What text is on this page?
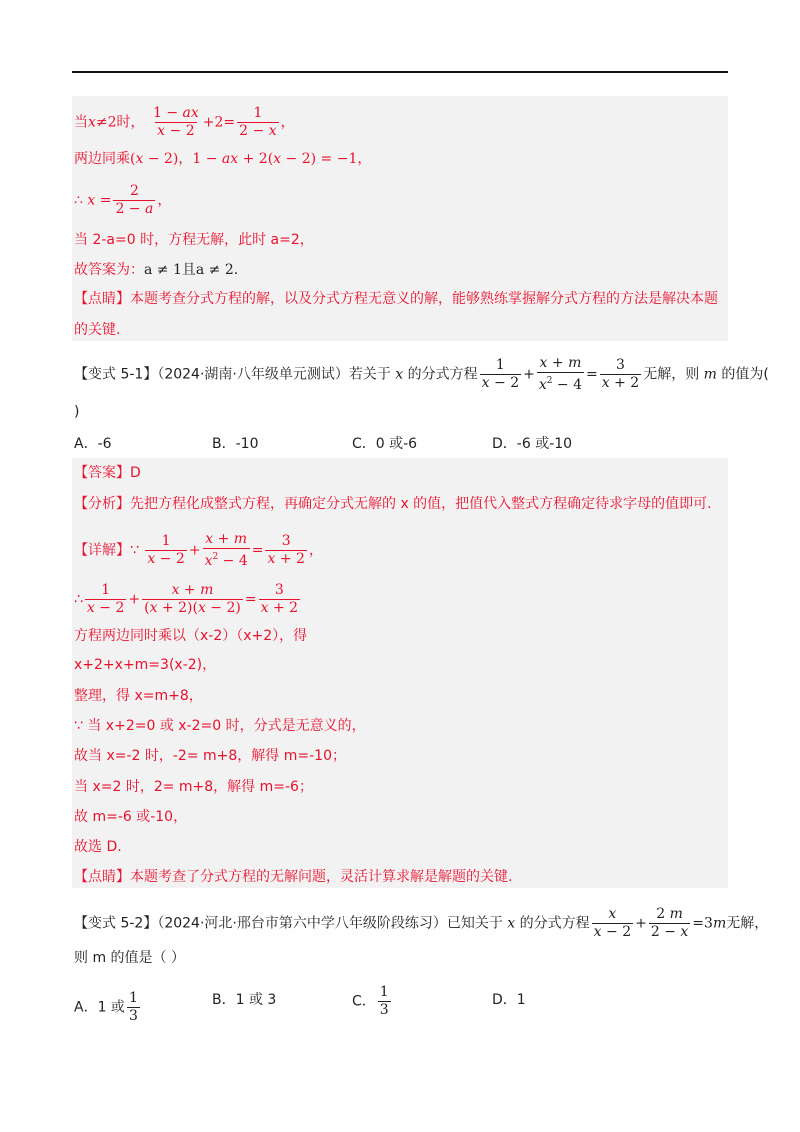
当x≠2时， $\frac{1 - ax}{x - 2} +2= \frac{1}{2 - x}$ ，
两边同乘(x − 2)，1 − ax + 2(x − 2) = −1，
∴ $x = \frac{2}{2 - a}$ ，
当 2-a=0 时，方程无解，此时 a=2，
故答案为：a ≠ 1且a ≠ 2.
【点睛】本题考查分式方程的解，以及分式方程无意义的解，能够熟练掌握解分式方程的方法是解决本题
的关键.
【变式 5-1】（2024·湖南·八年级单元测试）若关于 x 的分式方程 $\frac{1}{x - 2} + \frac{x + m}{x^2 - 4} = \frac{3}{x + 2}$ 无解，则 m 的值为(
)
A．-6	B．-10	C．0 或-6	D．-6 或-10
【答案】D
【分析】先把方程化成整式方程，再确定分式无解的 x 的值，把值代入整式方程确定待求字母的值即可.
【详解】∵ $\frac{1}{x - 2} + \frac{x + m}{x^2 - 4} = \frac{3}{x + 2}$ ，
∴ $\frac{1}{x - 2} + \frac{x + m}{(x + 2)(x - 2)} = \frac{3}{x + 2}$
方程两边同时乘以（x-2）（x+2），得
x+2+x+m=3(x-2)，
整理，得 x=m+8，
∵ 当 x+2=0 或 x-2=0 时，分式是无意义的，
故当 x=-2 时，-2= m+8，解得 m=-10；
当 x=2 时，2= m+8，解得 m=-6；
故 m=-6 或-10，
故选 D.
【点睛】本题考查了分式方程的无解问题，灵活计算求解是解题的关键.
【变式 5-2】（2024·河北·邢台市第六中学八年级阶段练习）已知关于 x 的分式方程 $\frac{x}{x - 2} + \frac{2 m}{2 - x} =3m$无解，
则 m 的值是（ ）
A．1 或 $\frac{1}{3}$	B．1 或 3	C． $\frac{1}{3}$	D．1
